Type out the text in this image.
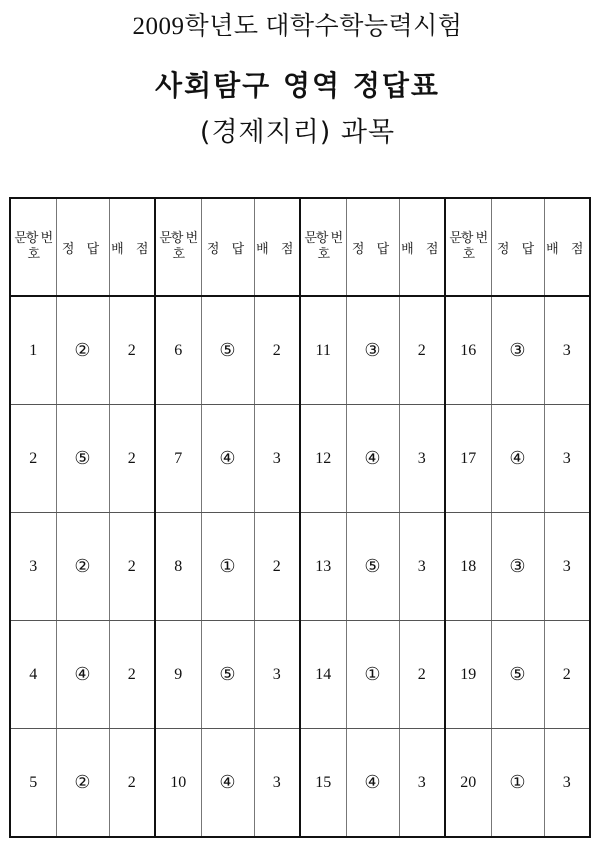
2009학년도 대학수학능력시험
사회탐구 영역 정답표
(경제지리) 과목
문항 번호	정 답	배 점	문항 번호	정 답	배 점	문항 번호	정 답	배 점	문항 번호	정 답	배 점
1	②	2	6	⑤	2	11	③	2	16	③	3
2	⑤	2	7	④	3	12	④	3	17	④	3
3	②	2	8	①	2	13	⑤	3	18	③	3
4	④	2	9	⑤	3	14	①	2	19	⑤	2
5	②	2	10	④	3	15	④	3	20	①	3
